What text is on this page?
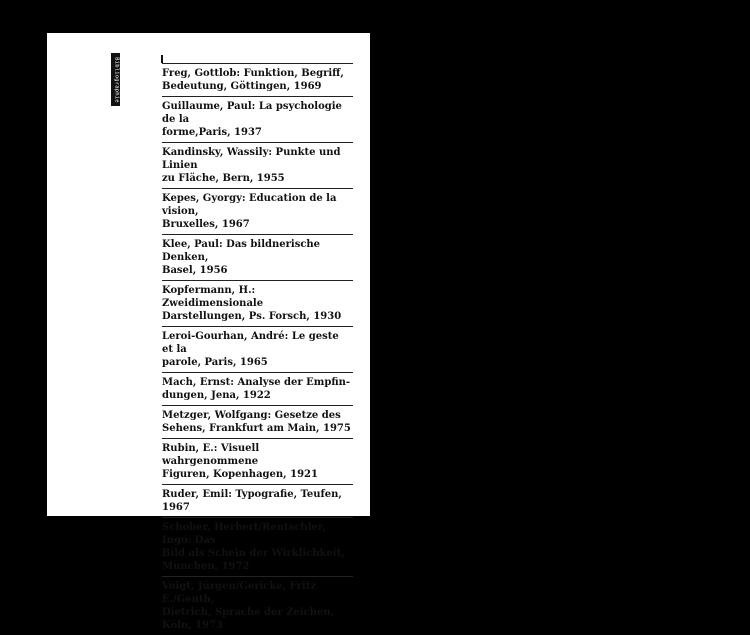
Bibliographie	Freg, Gottlob: Funktion, Begriff,
Bedeutung, Göttingen, 1969
Guillaume, Paul: La psychologie de la
forme,Paris, 1937
Kandinsky, Wassily: Punkte und Linien
zu Fläche, Bern, 1955
Kepes, Gyorgy: Education de la vision,
Bruxelles, 1967
Klee, Paul: Das bildnerische Denken,
Basel, 1956
Kopfermann, H.: Zweidimensionale
Darstellungen, Ps. Forsch, 1930
Leroi-Gourhan, André: Le geste et la
parole, Paris, 1965
Mach, Ernst: Analyse der Empfin-
dungen, Jena, 1922
Metzger, Wolfgang: Gesetze des
Sehens, Frankfurt am Main, 1975
Rubin, E.: Visuell wahrgenommene
Figuren, Kopenhagen, 1921
Ruder, Emil: Typografie, Teufen, 1967
Schober, Herbert/Rentschler, Ingo: Das
Bild als Schein der Wirklichkeit,
München, 1972
Voigt, Jürgen/Gericke, Fritz E./Genth,
Dietrich, Sprache der Zeichen,
Köln, 1973
